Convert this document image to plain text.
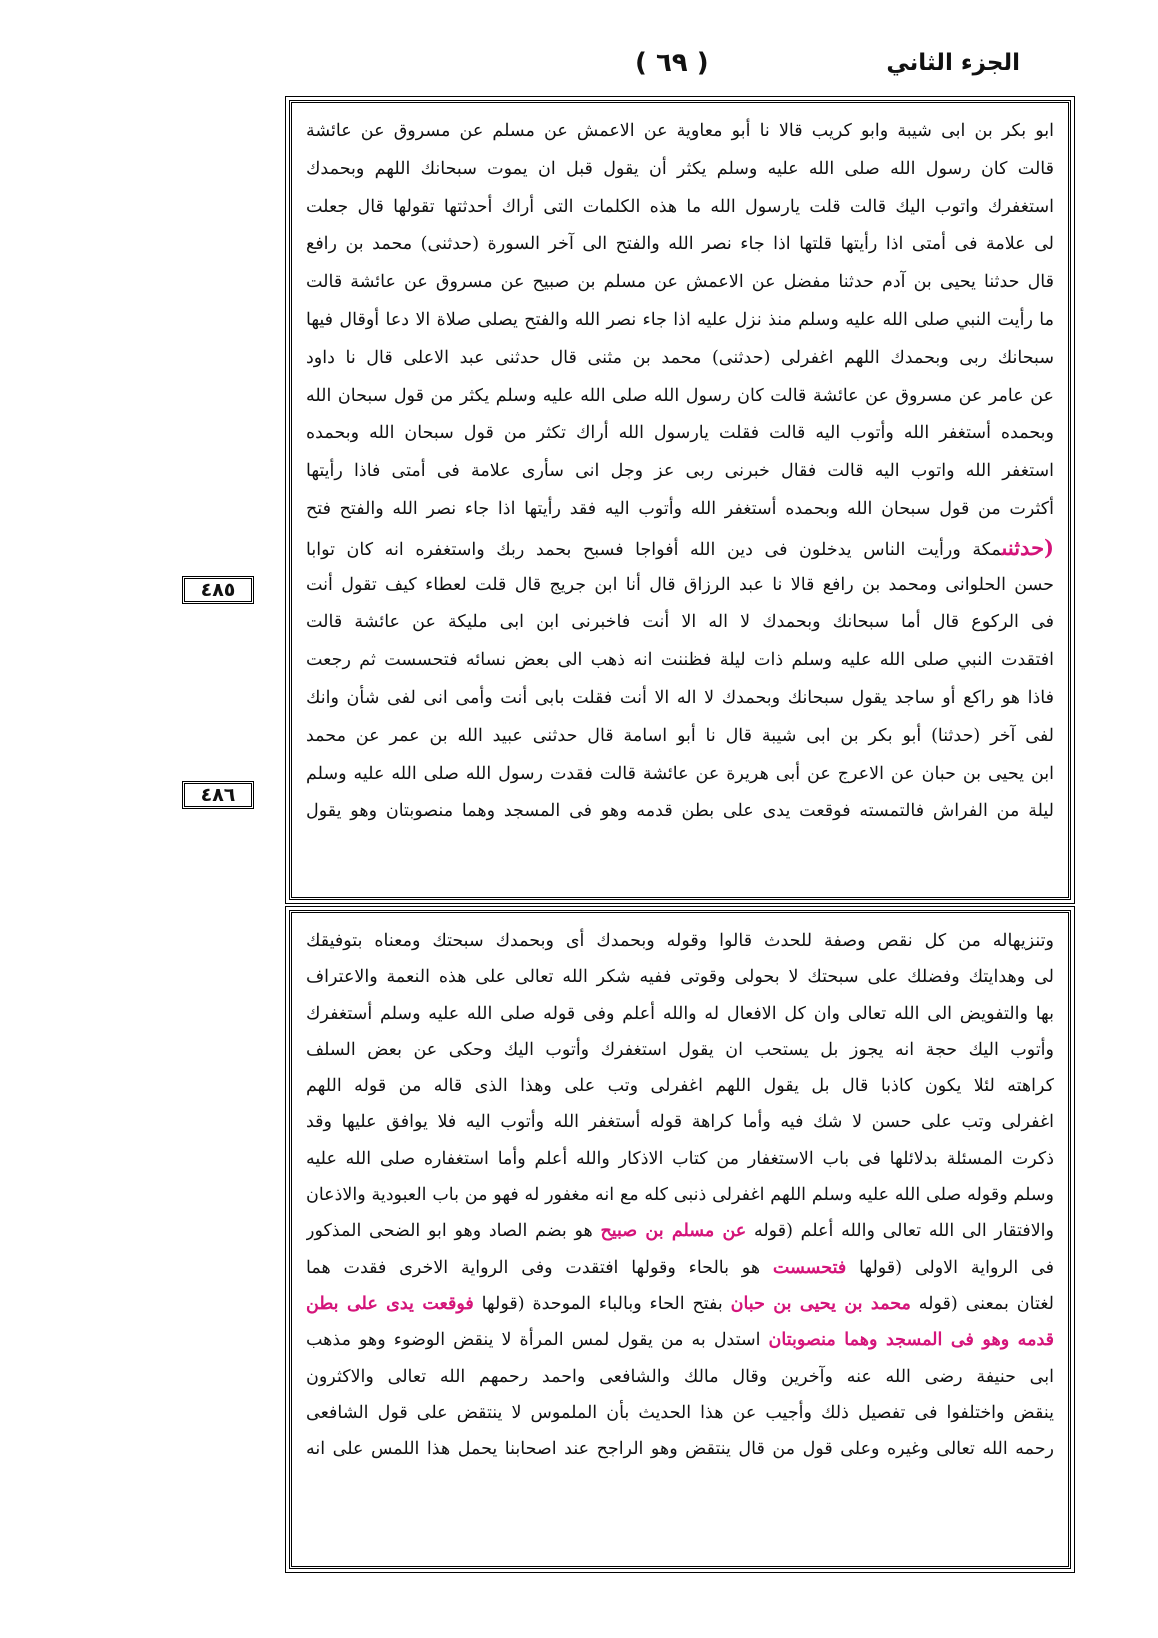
( ٦٩ )	الجزء الثاني
٤٨٥
٤٨٦
ابو بكر بن ابى شيبة وابو كريب قالا نا أبو معاوية عن الاعمش عن مسلم عن مسروق عن عائشة
قالت كان رسول الله صلى الله عليه وسلم يكثر أن يقول قبل ان يموت سبحانك اللهم وبحمدك
استغفرك واتوب اليك قالت قلت يارسول الله ما هذه الكلمات التى أراك أحدثتها تقولها قال جعلت
لى علامة فى أمتى اذا رأيتها قلتها اذا جاء نصر الله والفتح الى آخر السورة (حدثنى) محمد بن رافع
قال حدثنا يحيى بن آدم حدثنا مفضل عن الاعمش عن مسلم بن صبيح عن مسروق عن عائشة قالت
ما رأيت النبي صلى الله عليه وسلم منذ نزل عليه اذا جاء نصر الله والفتح يصلى صلاة الا دعا أوقال فيها
سبحانك ربى وبحمدك اللهم اغفرلى (حدثنى) محمد بن مثنى قال حدثنى عبد الاعلى قال نا داود
عن عامر عن مسروق عن عائشة قالت كان رسول الله صلى الله عليه وسلم يكثر من قول سبحان الله
وبحمده أستغفر الله وأتوب اليه قالت فقلت يارسول الله أراك تكثر من قول سبحان الله وبحمده
استغفر الله واتوب اليه قالت فقال خبرنى ربى عز وجل انى سأرى علامة فى أمتى فاذا رأيتها
أكثرت من قول سبحان الله وبحمده أستغفر الله وأتوب اليه فقد رأيتها اذا جاء نصر الله والفتح فتح
(حدثنىمكة ورأيت الناس يدخلون فى دين الله أفواجا فسبح بحمد ربك واستغفره انه كان توابا
حسن الحلوانى ومحمد بن رافع قالا نا عبد الرزاق قال أنا ابن جريج قال قلت لعطاء كيف تقول أنت
فى الركوع قال أما سبحانك وبحمدك لا اله الا أنت فاخبرنى ابن ابى مليكة عن عائشة قالت
افتقدت النبي صلى الله عليه وسلم ذات ليلة فظننت انه ذهب الى بعض نسائه فتحسست ثم رجعت
فاذا هو راكع أو ساجد يقول سبحانك وبحمدك لا اله الا أنت فقلت بابى أنت وأمى انى لفى شأن وانك
لفى آخر (حدثنا) أبو بكر بن ابى شيبة قال نا أبو اسامة قال حدثنى عبيد الله بن عمر عن محمد
ابن يحيى بن حبان عن الاعرج عن أبى هريرة عن عائشة قالت فقدت رسول الله صلى الله عليه وسلم
ليلة من الفراش فالتمسته فوقعت يدى على بطن قدمه وهو فى المسجد وهما منصوبتان وهو يقول
وتنزيهاله من كل نقص وصفة للحدث قالوا وقوله وبحمدك أى وبحمدك سبحتك ومعناه بتوفيقك
لى وهدايتك وفضلك على سبحتك لا بحولى وقوتى ففيه شكر الله تعالى على هذه النعمة والاعتراف
بها والتفويض الى الله تعالى وان كل الافعال له والله أعلم وفى قوله صلى الله عليه وسلم أستغفرك
وأتوب اليك حجة انه يجوز بل يستحب ان يقول استغفرك وأتوب اليك وحكى عن بعض السلف
كراهته لئلا يكون كاذبا قال بل يقول اللهم اغفرلى وتب على وهذا الذى قاله من قوله اللهم
اغفرلى وتب على حسن لا شك فيه وأما كراهة قوله أستغفر الله وأتوب اليه فلا يوافق عليها وقد
ذكرت المسئلة بدلائلها فى باب الاستغفار من كتاب الاذكار والله أعلم وأما استغفاره صلى الله عليه
وسلم وقوله صلى الله عليه وسلم اللهم اغفرلى ذنبى كله مع انه مغفور له فهو من باب العبودية والاذعان
والافتقار الى الله تعالى والله أعلم (قوله عن مسلم بن صبيح هو بضم الصاد وهو ابو الضحى المذكور
فى الرواية الاولى (قولها فتحسست هو بالحاء وقولها افتقدت وفى الرواية الاخرى فقدت هما
لغتان بمعنى (قوله محمد بن يحيى بن حبان بفتح الحاء وبالباء الموحدة (قولها فوقعت يدى على بطن
قدمه وهو فى المسجد وهما منصوبتان استدل به من يقول لمس المرأة لا ينقض الوضوء وهو مذهب
ابى حنيفة رضى الله عنه وآخرين وقال مالك والشافعى واحمد رحمهم الله تعالى والاكثرون
ينقض واختلفوا فى تفصيل ذلك وأجيب عن هذا الحديث بأن الملموس لا ينتقض على قول الشافعى
رحمه الله تعالى وغيره وعلى قول من قال ينتقض وهو الراجح عند اصحابنا يحمل هذا اللمس على انه
